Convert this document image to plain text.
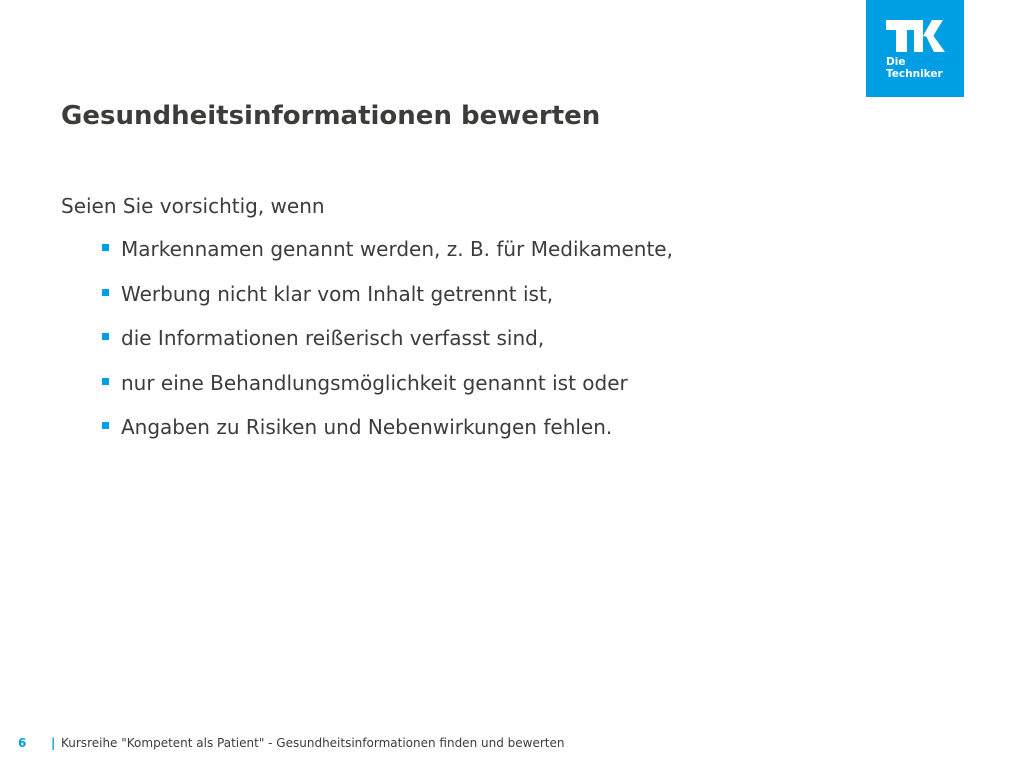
Die
Techniker
Gesundheitsinformationen bewerten

Seien Sie vorsichtig, wenn

Markennamen genannt werden, z. B. für Medikamente,
Werbung nicht klar vom Inhalt getrennt ist,
die Informationen reißerisch verfasst sind,
nur eine Behandlungsmöglichkeit genannt ist oder
Angaben zu Risiken und Nebenwirkungen fehlen.
6 | Kursreihe "Kompetent als Patient" - Gesundheitsinformationen finden und bewerten
